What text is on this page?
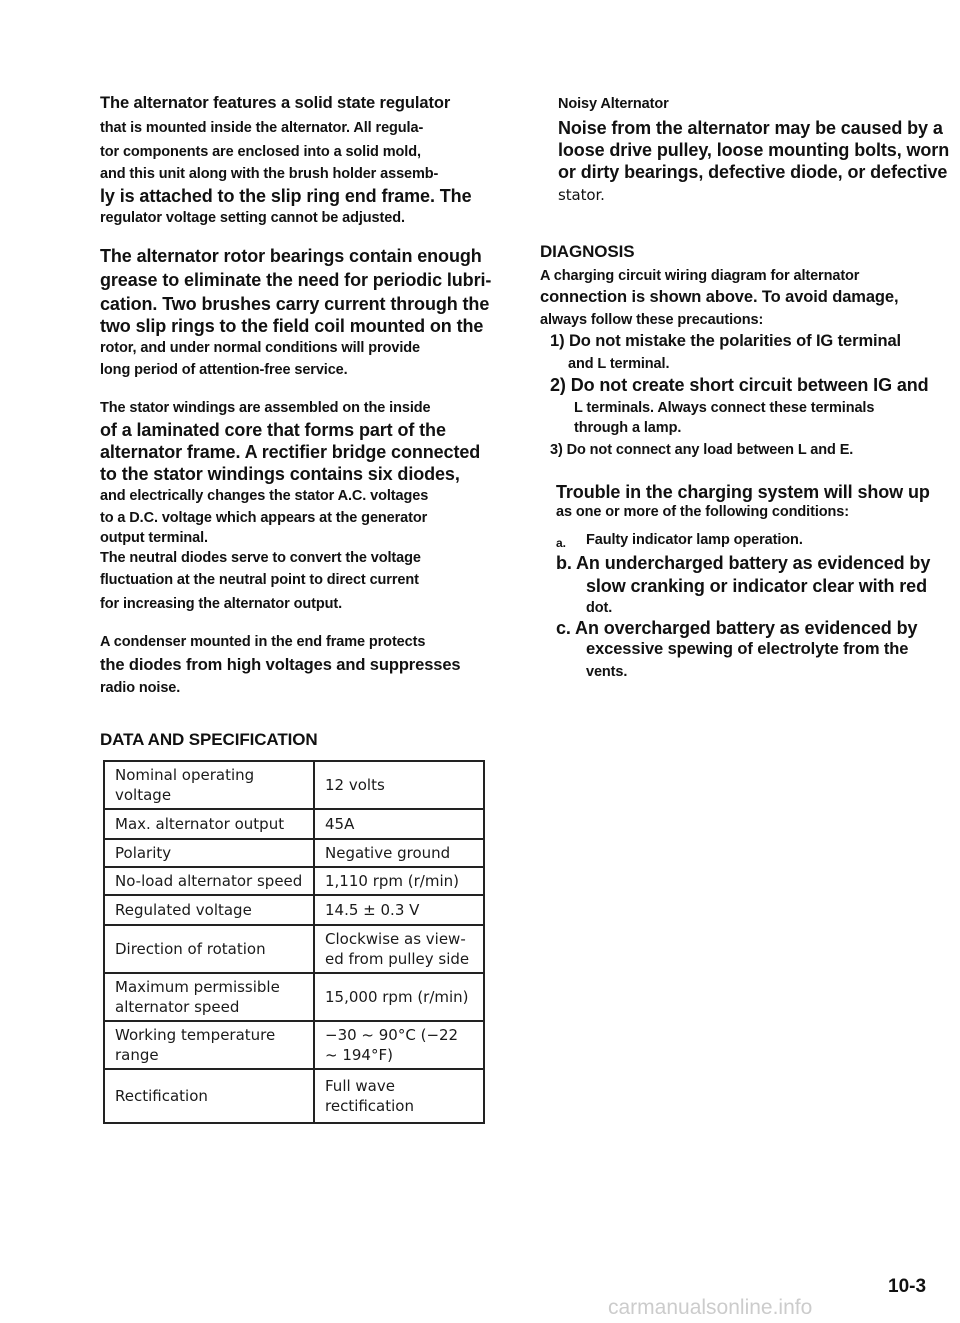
The alternator features a solid state regulator
that is mounted inside the alternator. All regula-
tor components are enclosed into a solid mold,
and this unit along with the brush holder assemb-
ly is attached to the slip ring end frame. The
regulator voltage setting cannot be adjusted.
The alternator rotor bearings contain enough
grease to eliminate the need for periodic lubri-
cation. Two brushes carry current through the
two slip rings to the field coil mounted on the
rotor, and under normal conditions will provide
long period of attention-free service.
The stator windings are assembled on the inside
of a laminated core that forms part of the
alternator frame. A rectifier bridge connected
to the stator windings contains six diodes,
and electrically changes the stator A.C. voltages
to a D.C. voltage which appears at the generator
output terminal.
The neutral diodes serve to convert the voltage
fluctuation at the neutral point to direct current
for increasing the alternator output.
A condenser mounted in the end frame protects
the diodes from high voltages and suppresses
radio noise.
DATA AND SPECIFICATION
Nominal operating voltage	12 volts
Max. alternator output	45A
Polarity	Negative ground
No-load alternator speed	1,110 rpm (r/min)
Regulated voltage	14.5 ± 0.3 V
Direction of rotation	Clockwise as view-ed from pulley side
Maximum permissible alternator speed	15,000 rpm (r/min)
Working temperature range	−30 ~ 90°C (−22 ~ 194°F)
Rectification	Full wave rectification
Noisy Alternator
Noise from the alternator may be caused by a
loose drive pulley, loose mounting bolts, worn
or dirty bearings, defective diode, or defective
stator.
DIAGNOSIS
A charging circuit wiring diagram for alternator
connection is shown above. To avoid damage,
always follow these precautions:
1) Do not mistake the polarities of IG terminal
and L terminal.
2) Do not create short circuit between IG and
L terminals. Always connect these terminals
through a lamp.
3) Do not connect any load between L and E.
Trouble in the charging system will show up
as one or more of the following conditions:
a. Faulty indicator lamp operation.
b. An undercharged battery as evidenced by
slow cranking or indicator clear with red
dot.
c. An overcharged battery as evidenced by
excessive spewing of electrolyte from the
vents.
10-3
carmanualsonline.info
